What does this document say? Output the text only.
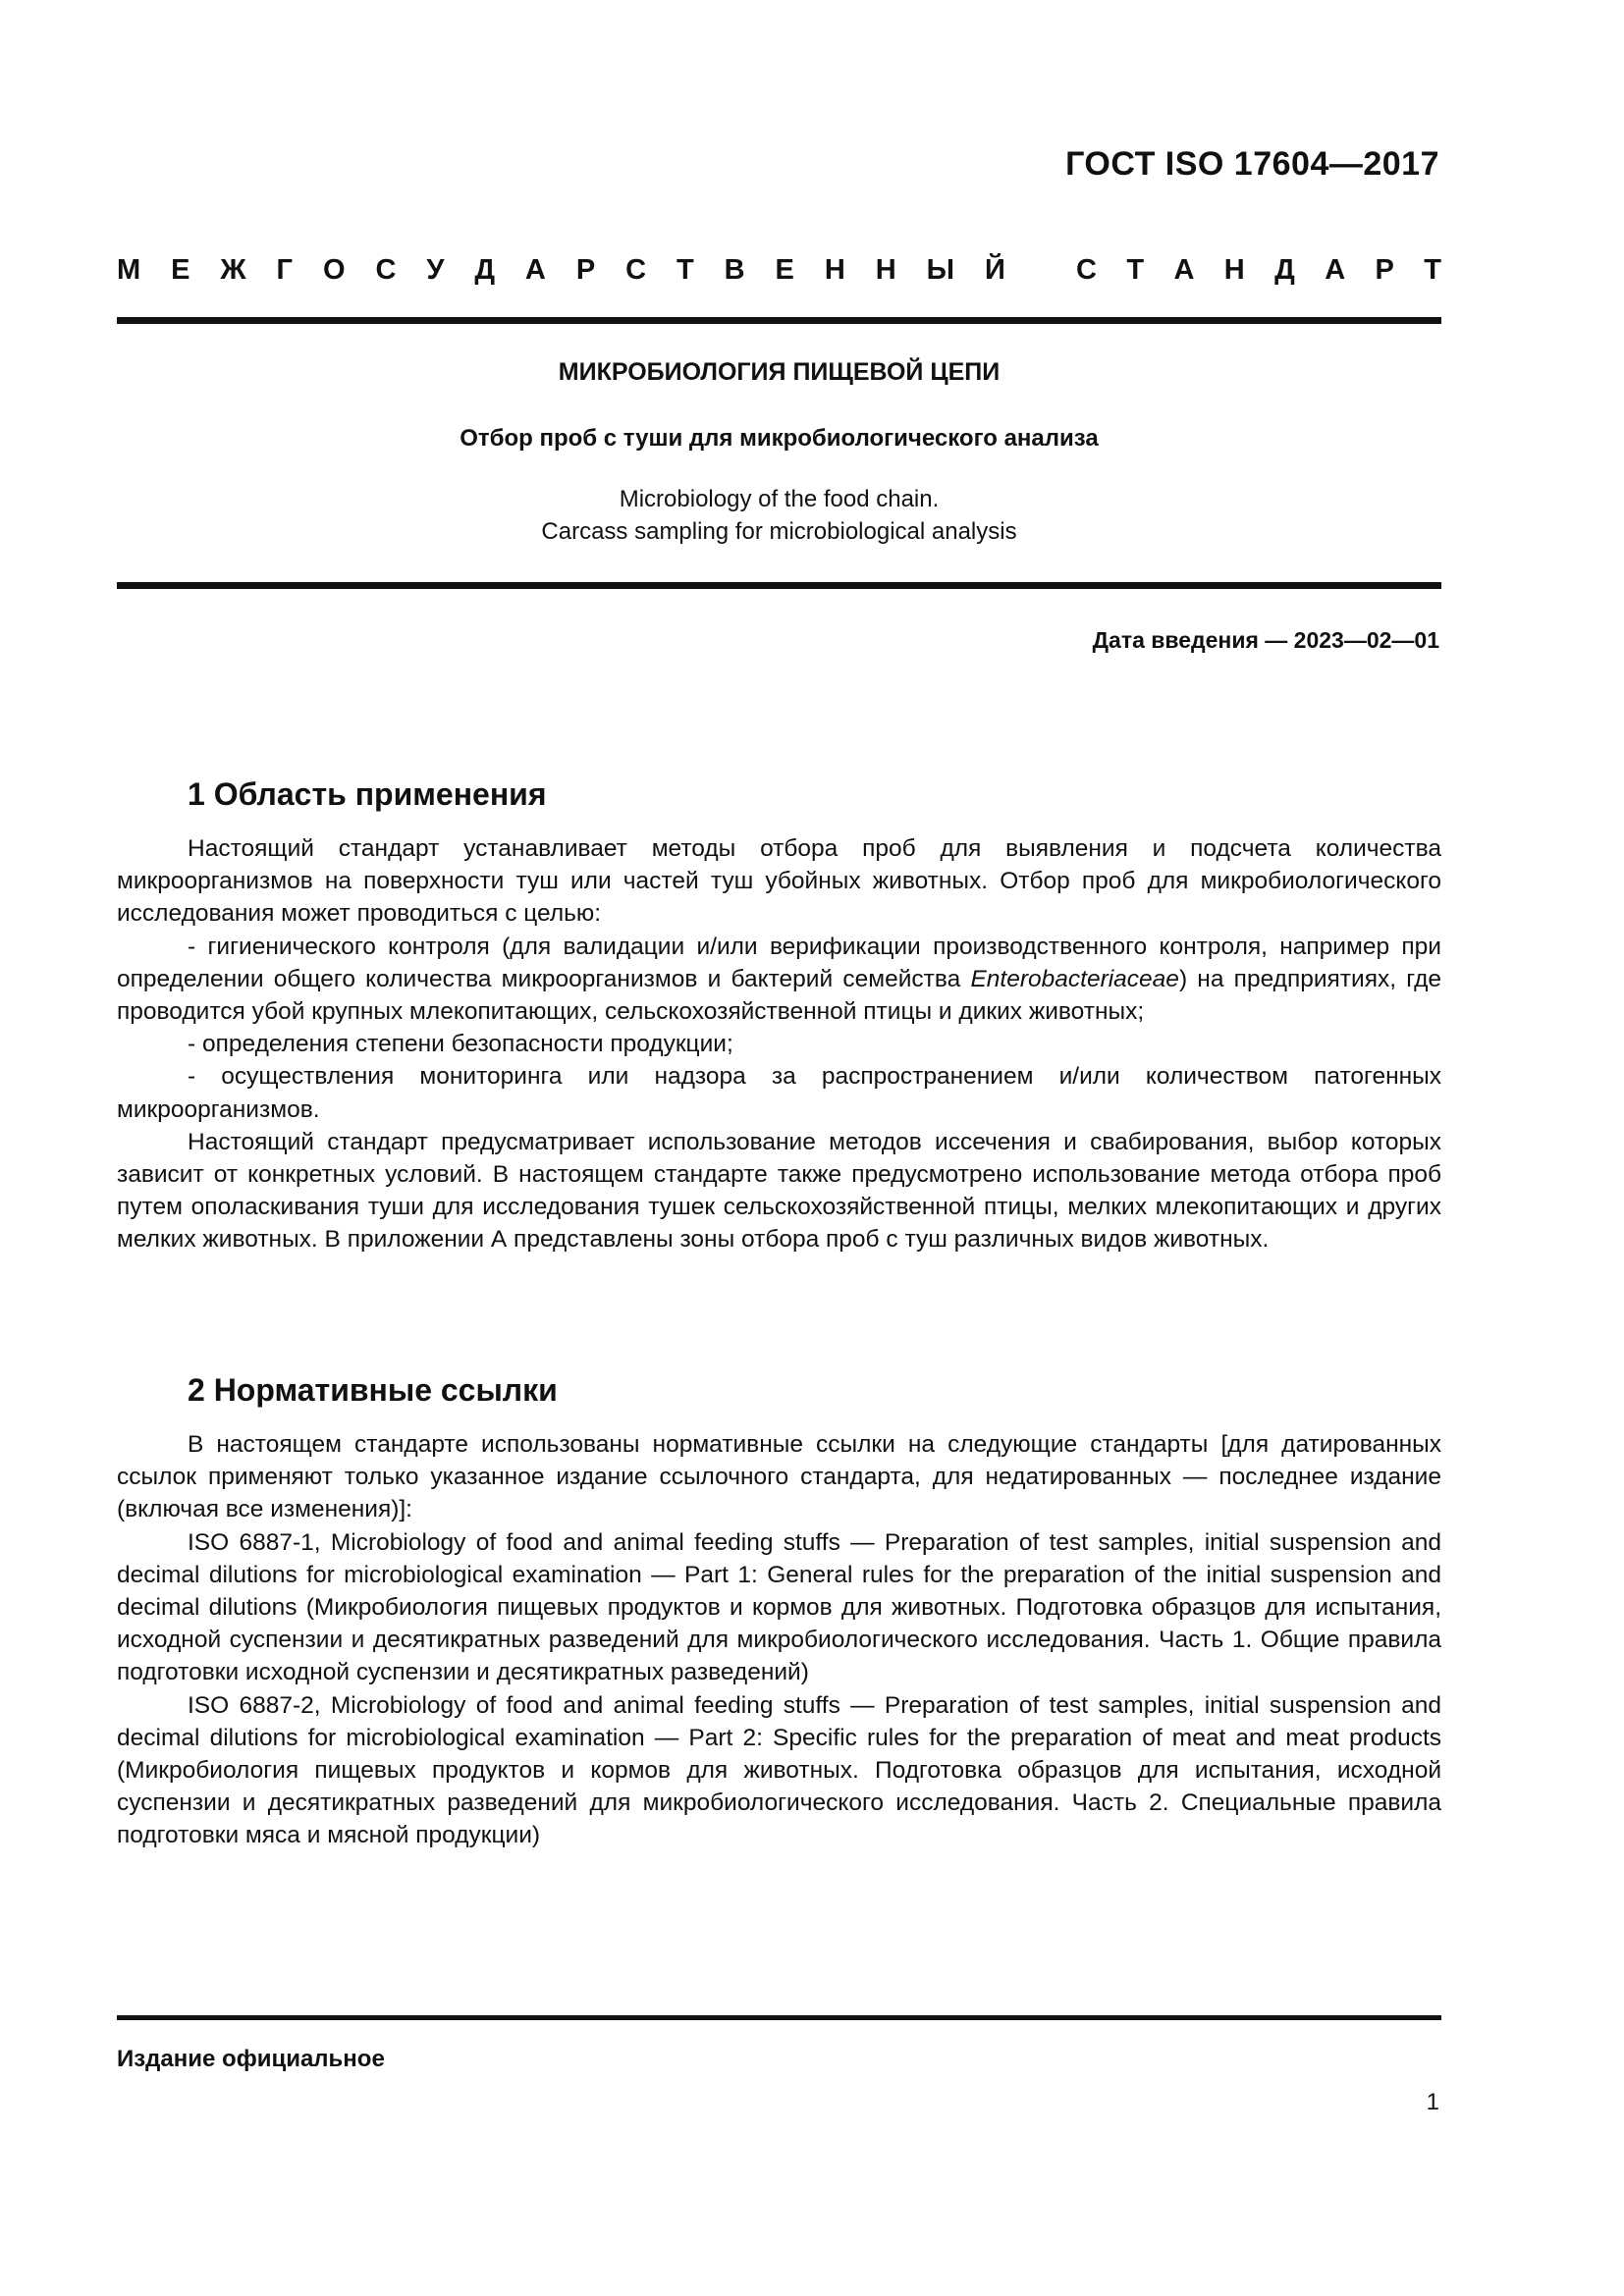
ГОСТ ISO 17604—2017
М Е Ж Г О С У Д А Р С Т В Е Н Н Ы Й С Т А Н Д А Р Т
МИКРОБИОЛОГИЯ ПИЩЕВОЙ ЦЕПИ
Отбор проб с туши для микробиологического анализа
Microbiology of the food chain.
Carcass sampling for microbiological analysis
Дата введения — 2023—02—01
1 Область применения

Настоящий стандарт устанавливает методы отбора проб для выявления и подсчета количества микроорганизмов на поверхности туш или частей туш убойных животных. Отбор проб для микробиологического исследования может проводиться с целью:

- гигиенического контроля (для валидации и/или верификации производственного контроля, например при определении общего количества микроорганизмов и бактерий семейства Enterobacteriaceae) на предприятиях, где проводится убой крупных млекопитающих, сельскохозяйственной птицы и диких животных;

- определения степени безопасности продукции;

- осуществления мониторинга или надзора за распространением и/или количеством патогенных микроорганизмов.

Настоящий стандарт предусматривает использование методов иссечения и свабирования, выбор которых зависит от конкретных условий. В настоящем стандарте также предусмотрено использование метода отбора проб путем ополаскивания туши для исследования тушек сельскохозяйственной птицы, мелких млекопитающих и других мелких животных. В приложении А представлены зоны отбора проб с туш различных видов животных.

2 Нормативные ссылки

В настоящем стандарте использованы нормативные ссылки на следующие стандарты [для датированных ссылок применяют только указанное издание ссылочного стандарта, для недатированных — последнее издание (включая все изменения)]:

ISO 6887-1, Microbiology of food and animal feeding stuffs — Preparation of test samples, initial suspension and decimal dilutions for microbiological examination — Part 1: General rules for the preparation of the initial suspension and decimal dilutions (Микробиология пищевых продуктов и кормов для животных. Подготовка образцов для испытания, исходной суспензии и десятикратных разведений для микробиологического исследования. Часть 1. Общие правила подготовки исходной суспензии и десятикратных разведений)

ISO 6887-2, Microbiology of food and animal feeding stuffs — Preparation of test samples, initial suspension and decimal dilutions for microbiological examination — Part 2: Specific rules for the preparation of meat and meat products (Микробиология пищевых продуктов и кормов для животных. Подготовка образцов для испытания, исходной суспензии и десятикратных разведений для микробиологического исследования. Часть 2. Специальные правила подготовки мяса и мясной продукции)

Издание официальное
1
